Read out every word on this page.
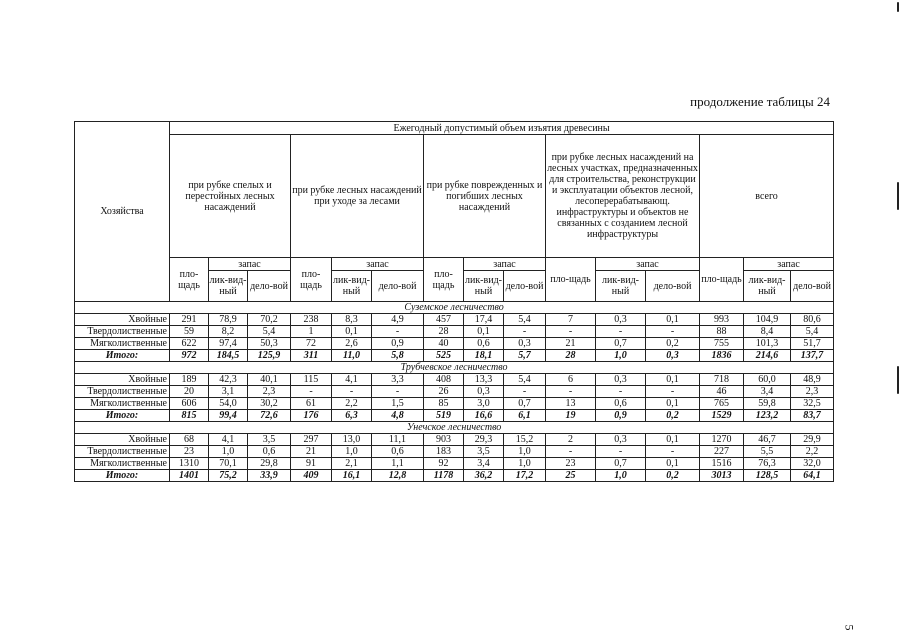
продолжение таблицы 24
Хозяйства	Ежегодный допустимый объем изъятия древесины														
	при рубке спелых и перестойных лесных насаждений			при рубке лесных насаждений при уходе за лесами			при рубке поврежденных и погибших лесных насаждений			при рубке лесных насаждений на лесных участках, предназначенных для строительства, реконструкции и эксплуатации объектов лесной, лесоперерабатывающ. инфраструктуры и объектов не связанных с созданием лесной инфраструктуры			всего		
	пло-щадь	запас		пло-щадь	запас		пло-щадь	запас		пло-щадь	запас		пло-щадь	запас	
		лик-вид-ный	дело-вой		лик-вид-ный	дело-вой		лик-вид-ный	дело-вой		лик-вид-ный	дело-вой		лик-вид-ный	дело-вой
Суземское лесничество															
Хвойные	291	78,9	70,2	238	8,3	4,9	457	17,4	5,4	7	0,3	0,1	993	104,9	80,6
Твердолиственные	59	8,2	5,4	1	0,1	-	28	0,1	-	-	-	-	88	8,4	5,4
Мягколиственные	622	97,4	50,3	72	2,6	0,9	40	0,6	0,3	21	0,7	0,2	755	101,3	51,7
Итого:	972	184,5	125,9	311	11,0	5,8	525	18,1	5,7	28	1,0	0,3	1836	214,6	137,7
Трубчевское лесничество															
Хвойные	189	42,3	40,1	115	4,1	3,3	408	13,3	5,4	6	0,3	0,1	718	60,0	48,9
Твердолиственные	20	3,1	2,3	-	-	-	26	0,3	-	-	-	-	46	3,4	2,3
Мягколиственные	606	54,0	30,2	61	2,2	1,5	85	3,0	0,7	13	0,6	0,1	765	59,8	32,5
Итого:	815	99,4	72,6	176	6,3	4,8	519	16,6	6,1	19	0,9	0,2	1529	123,2	83,7
Унечское лесничество															
Хвойные	68	4,1	3,5	297	13,0	11,1	903	29,3	15,2	2	0,3	0,1	1270	46,7	29,9
Твердолиственные	23	1,0	0,6	21	1,0	0,6	183	3,5	1,0	-	-	-	227	5,5	2,2
Мягколиственные	1310	70,1	29,8	91	2,1	1,1	92	3,4	1,0	23	0,7	0,1	1516	76,3	32,0
Итого:	1401	75,2	33,9	409	16,1	12,8	1178	36,2	17,2	25	1,0	0,2	3013	128,5	64,1
5
